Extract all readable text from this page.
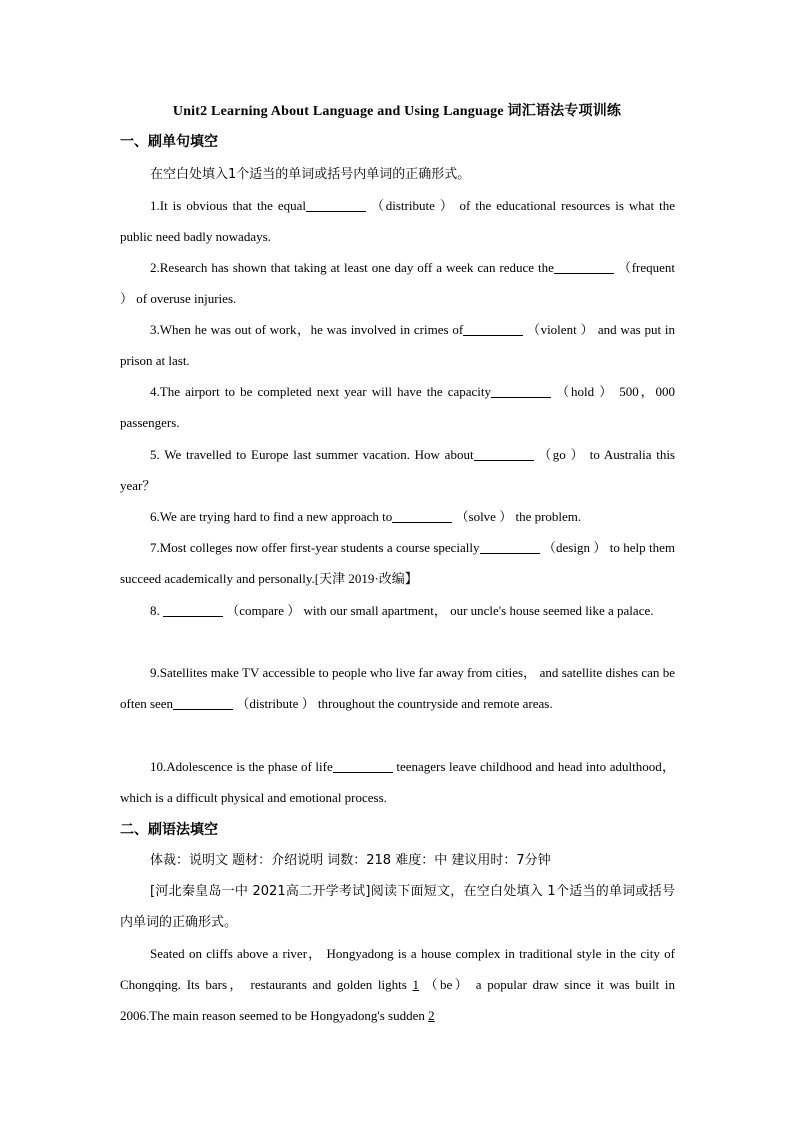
Unit2 Learning About Language and Using Language 词汇语法专项训练
一、刷单句填空
在空白处填入1个适当的单词或括号内单词的正确形式。
1.It is obvious that the equal	（distribute ） of the educational resources is what the public need badly nowadays.
2.Research has shown that taking at least one day off a week can reduce the	（frequent ） of overuse injuries.
3.When he was out of work，he was involved in crimes of	（violent ） and was put in prison at last.
4.The airport to be completed next year will have the capacity	（hold ） 500，000 passengers.
5. We travelled to Europe last summer vacation. How about	（go ） to Australia this year？
6.We are trying hard to find a new approach to	（solve ） the problem.
7.Most colleges now offer first-year students a course specially	（design ） to help them succeed academically and personally.[天津 2019·改编】
8.	（compare ） with our small apartment， our uncle's house seemed like a palace.
9.Satellites make TV accessible to people who live far away from cities， and satellite dishes can be often seen	（distribute ） throughout the countryside and remote areas.
10.Adolescence is the phase of life	teenagers leave childhood and head into adulthood， which is a difficult physical and emotional process.
二、刷语法填空
体裁：说明文 题材：介绍说明 词数：218 难度：中 建议用时：7分钟
[河北秦皇岛一中 2021高二开学考试]阅读下面短文，在空白处填入 1个适当的单词或括号内单词的正确形式。
Seated on cliffs above a river， Hongyadong is a house complex in traditional style in the city of Chongqing. Its bars， restaurants and golden lights 1 （be） a popular draw since it was built in 2006.The main reason seemed to be Hongyadong's sudden 2
